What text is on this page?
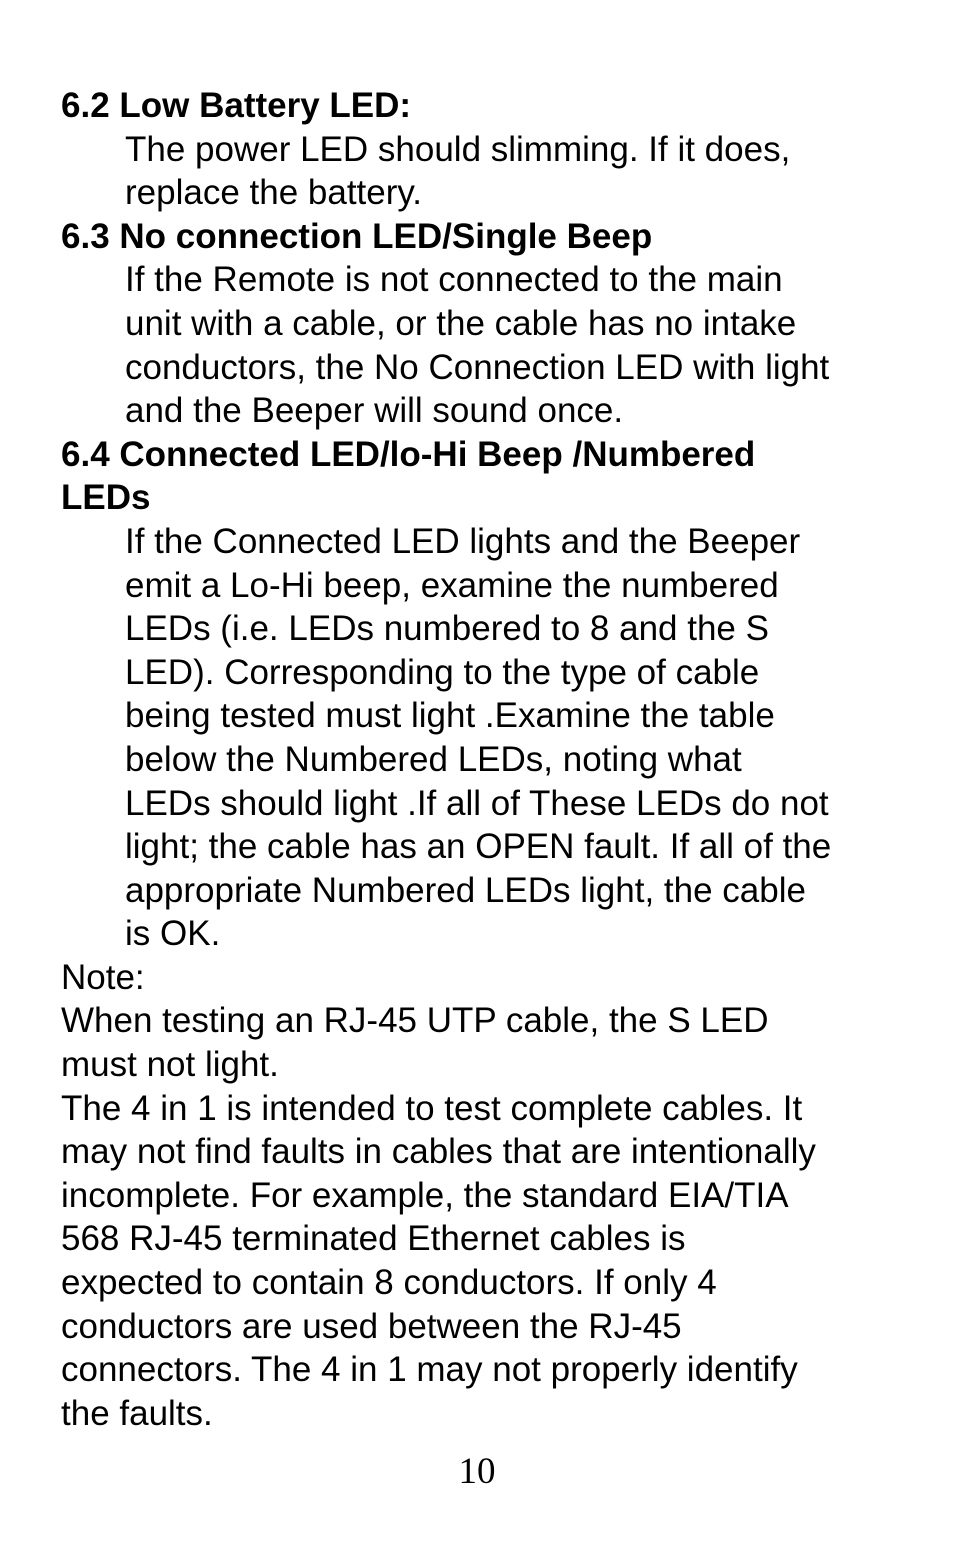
6.2 Low Battery LED:

The power LED should slimming. If it does,
replace the battery.

6.3 No connection LED/Single Beep

If the Remote is not connected to the main
unit with a cable, or the cable has no intake
conductors, the No Connection LED with light
and the Beeper will sound once.

6.4 Connected LED/lo-Hi Beep /Numbered
LEDs

If the Connected LED lights and the Beeper
emit a Lo-Hi beep, examine the numbered
LEDs (i.e. LEDs numbered to 8 and the S
LED). Corresponding to the type of cable
being tested must light .Examine the table
below the Numbered LEDs, noting what
LEDs should light .If all of These LEDs do not
light; the cable has an OPEN fault. If all of the
appropriate Numbered LEDs light, the cable
is OK.

Note:

When testing an RJ-45 UTP cable, the S LED
must not light.

The 4 in 1 is intended to test complete cables. It
may not find faults in cables that are intentionally
incomplete. For example, the standard EIA/TIA
568 RJ-45 terminated Ethernet cables is
expected to contain 8 conductors. If only 4
conductors are used between the RJ-45
connectors. The 4 in 1 may not properly identify
the faults.

10
